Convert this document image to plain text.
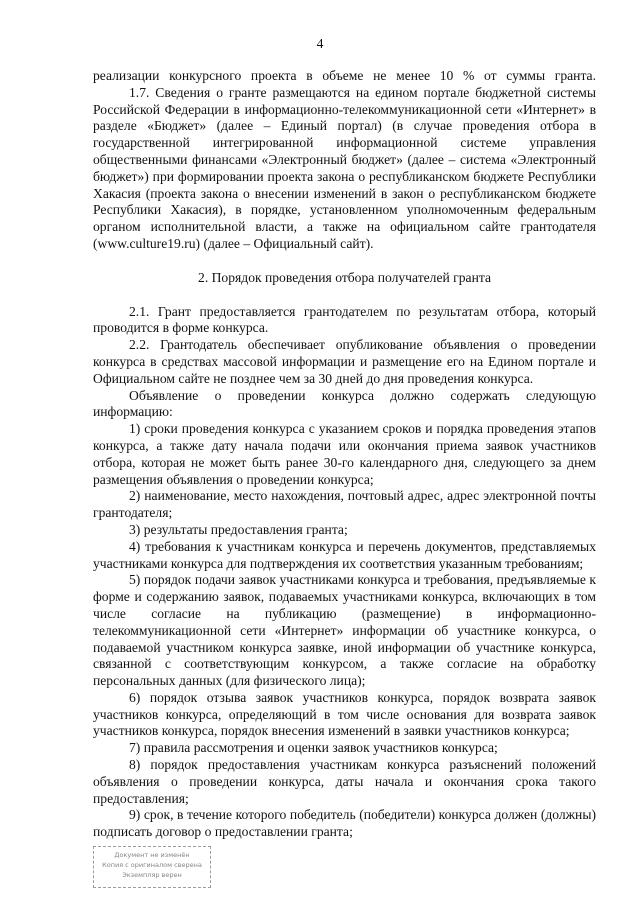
4

реализации конкурсного проекта в объеме не менее 10 % от суммы гранта.

1.7. Сведения о гранте размещаются на едином портале бюджетной системы Российской Федерации в информационно-телекоммуникационной сети «Интернет» в разделе «Бюджет» (далее – Единый портал) (в случае проведения отбора в государственной интегрированной информационной системе управления общественными финансами «Электронный бюджет» (далее – система «Электронный бюджет») при формировании проекта закона о республиканском бюджете Республики Хакасия (проекта закона о внесении изменений в закон о республиканском бюджете Республики Хакасия), в порядке, установленном уполномоченным федеральным органом исполнительной власти, а также на официальном сайте грантодателя (www.culture19.ru) (далее – Официальный сайт).

2. Порядок проведения отбора получателей гранта

2.1. Грант предоставляется грантодателем по результатам отбора, который проводится в форме конкурса.

2.2. Грантодатель обеспечивает опубликование объявления о проведении конкурса в средствах массовой информации и размещение его на Едином портале и Официальном сайте не позднее чем за 30 дней до дня проведения конкурса.

Объявление о проведении конкурса должно содержать следующую информацию:

1) сроки проведения конкурса с указанием сроков и порядка проведения этапов конкурса, а также дату начала подачи или окончания приема заявок участников отбора, которая не может быть ранее 30-го календарного дня, следующего за днем размещения объявления о проведении конкурса;

2) наименование, место нахождения, почтовый адрес, адрес электронной почты грантодателя;

3) результаты предоставления гранта;

4) требования к участникам конкурса и перечень документов, представляемых участниками конкурса для подтверждения их соответствия указанным требованиям;

5) порядок подачи заявок участниками конкурса и требования, предъявляемые к форме и содержанию заявок, подаваемых участниками конкурса, включающих в том числе согласие на публикацию (размещение) в информационно-телекоммуникационной сети «Интернет» информации об участнике конкурса, о подаваемой участником конкурса заявке, иной информации об участнике конкурса, связанной с соответствующим конкурсом, а также согласие на обработку персональных данных (для физического лица);

6) порядок отзыва заявок участников конкурса, порядок возврата заявок участников конкурса, определяющий в том числе основания для возврата заявок участников конкурса, порядок внесения изменений в заявки участников конкурса;

7) правила рассмотрения и оценки заявок участников конкурса;

8) порядок предоставления участникам конкурса разъяснений положений объявления о проведении конкурса, даты начала и окончания срока такого предоставления;

9) срок, в течение которого победитель (победители) конкурса должен (должны) подписать договор о предоставлении гранта;

Документ не изменён
Копия с оригиналом сверена
Экземпляр верен
